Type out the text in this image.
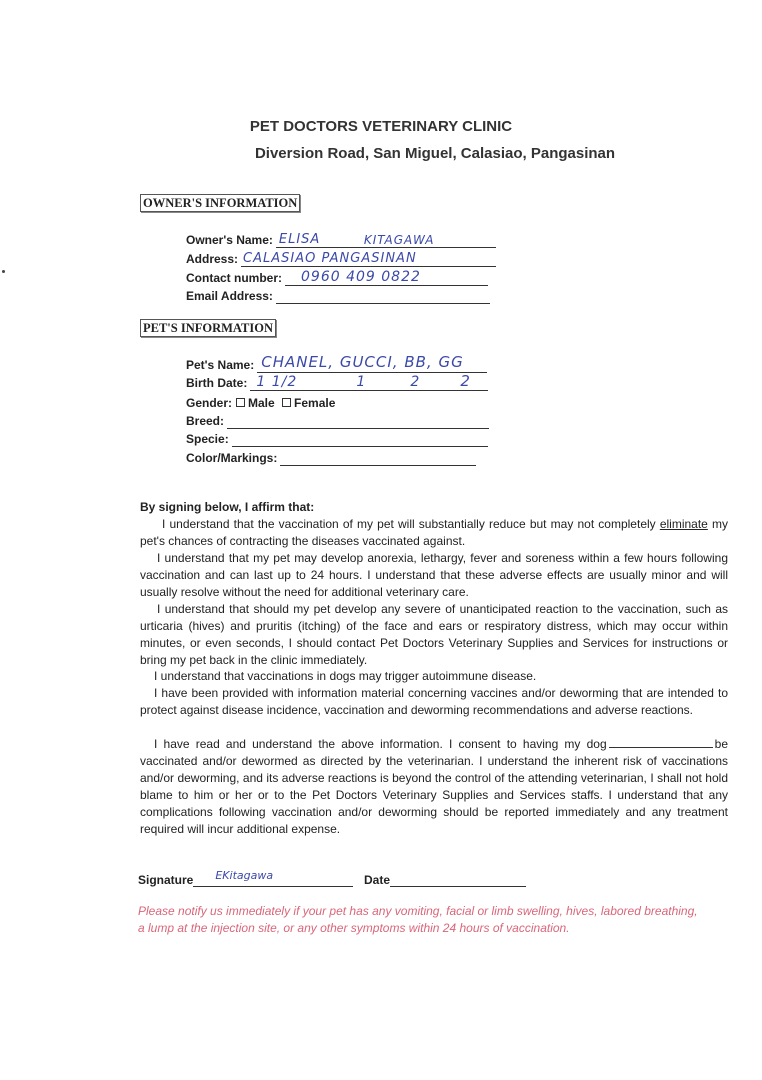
PET DOCTORS VETERINARY CLINIC
Diversion Road, San Miguel, Calasiao, Pangasinan
OWNER'S INFORMATION
Owner's Name: ELISA	KITAGAWA
Address: CALASIAO PANGASINAN
Contact number: 0960 409 0822
Email Address:
PET'S INFORMATION
Pet's Name: CHANEL, GUCCI, BB, GG
Birth Date: 1 1/2	1	2	2
Gender:	Male Female
Breed:
Specie:
Color/Markings:
By signing below, I affirm that:
I understand that the vaccination of my pet will substantially reduce but may not completely eliminate my pet's chances of contracting the diseases vaccinated against.
I understand that my pet may develop anorexia, lethargy, fever and soreness within a few hours following vaccination and can last up to 24 hours. I understand that these adverse effects are usually minor and will usually resolve without the need for additional veterinary care.
I understand that should my pet develop any severe of unanticipated reaction to the vaccination, such as urticaria (hives) and pruritis (itching) of the face and ears or respiratory distress, which may occur within minutes, or even seconds, I should contact Pet Doctors Veterinary Supplies and Services for instructions or bring my pet back in the clinic immediately.
I understand that vaccinations in dogs may trigger autoimmune disease.
I have been provided with information material concerning vaccines and/or deworming that are intended to protect against disease incidence, vaccination and deworming recommendations and adverse reactions.
I have read and understand the above information. I consent to having my dog	be vaccinated and/or dewormed as directed by the veterinarian. I understand the inherent risk of vaccinations and/or deworming, and its adverse reactions is beyond the control of the attending veterinarian, I shall not hold blame to him or her or to the Pet Doctors Veterinary Supplies and Services staffs. I understand that any complications following vaccination and/or deworming should be reported immediately and any treatment required will incur additional expense.
Signature EKitagawa	Date
Please notify us immediately if your pet has any vomiting, facial or limb swelling, hives, labored breathing, a lump at the injection site, or any other symptoms within 24 hours of vaccination.
